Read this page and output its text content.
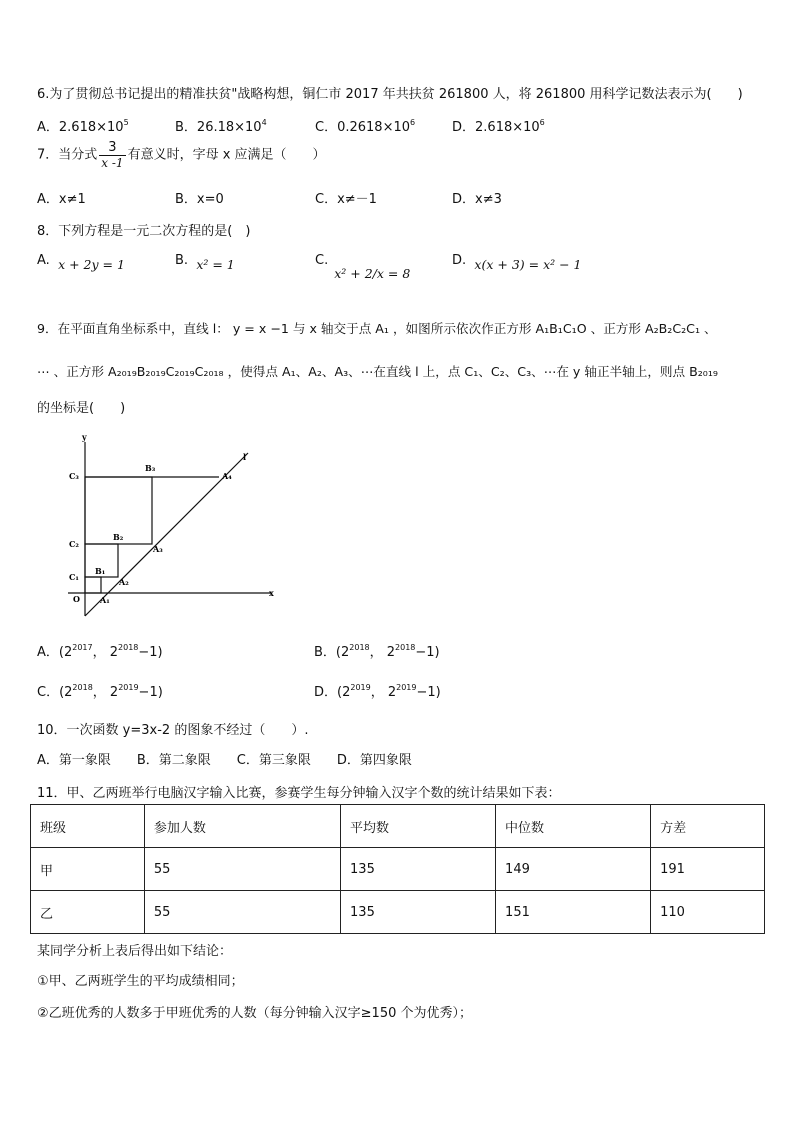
6.为了贯彻总书记提出的精准扶贫"战略构想，铜仁市 2017 年共扶贫 261800 人，将 261800 用科学记数法表示为(　　)
A．$2.618\times 10^5$	B．$26.18\times 10^4$	C．$0.2618\times 10^6$	D．$2.618\times 10^6$
7．当分式 $\frac{3}{x -1}$ 有意义时，字母 x 应满足（　　）
A．x≠1	B．x=0	C．x≠－1	D．x≠3
8．下列方程是一元二次方程的是(　)
A. x + 2y = 1	B. x² = 1	C.x² + 2/x = 8
D. x(x + 3) = x² − 1
9．在平面直角坐标系中，直线 l： y = x −1 与 x 轴交于点 A₁ ，如图所示依次作正方形 A₁B₁C₁O 、正方形 A₂B₂C₂C₁ 、
⋯ 、正方形 A₂₀₁₉B₂₀₁₉C₂₀₁₉C₂₀₁₈ ，使得点 A₁、A₂、A₃、⋯在直线 l 上，点 C₁、C₂、C₃、⋯在 y 轴正半轴上，则点 B₂₀₁₉
的坐标是(　　)
y
x
l
O
C₁
C₂
C₃
B₁
B₂
B₃
A₁
A₂
A₃
A₄
A．($2^{2017}$， $2^{2018}-1$)	B．($2^{2018}$， $2^{2018}-1$)
C．($2^{2018}$， $2^{2019}-1$)	D．($2^{2019}$， $2^{2019}-1$)
10．一次函数 y=3x-2 的图象不经过（　　）.
A．第一象限　　B．第二象限　　C．第三象限　　D．第四象限
11．甲、乙两班举行电脑汉字输入比赛，参赛学生每分钟输入汉字个数的统计结果如下表：
班级	参加人数	平均数	中位数	方差
甲	55	135	149	191
乙	55	135	151	110
某同学分析上表后得出如下结论：
①甲、乙两班学生的平均成绩相同；
②乙班优秀的人数多于甲班优秀的人数（每分钟输入汉字≥150 个为优秀）；
